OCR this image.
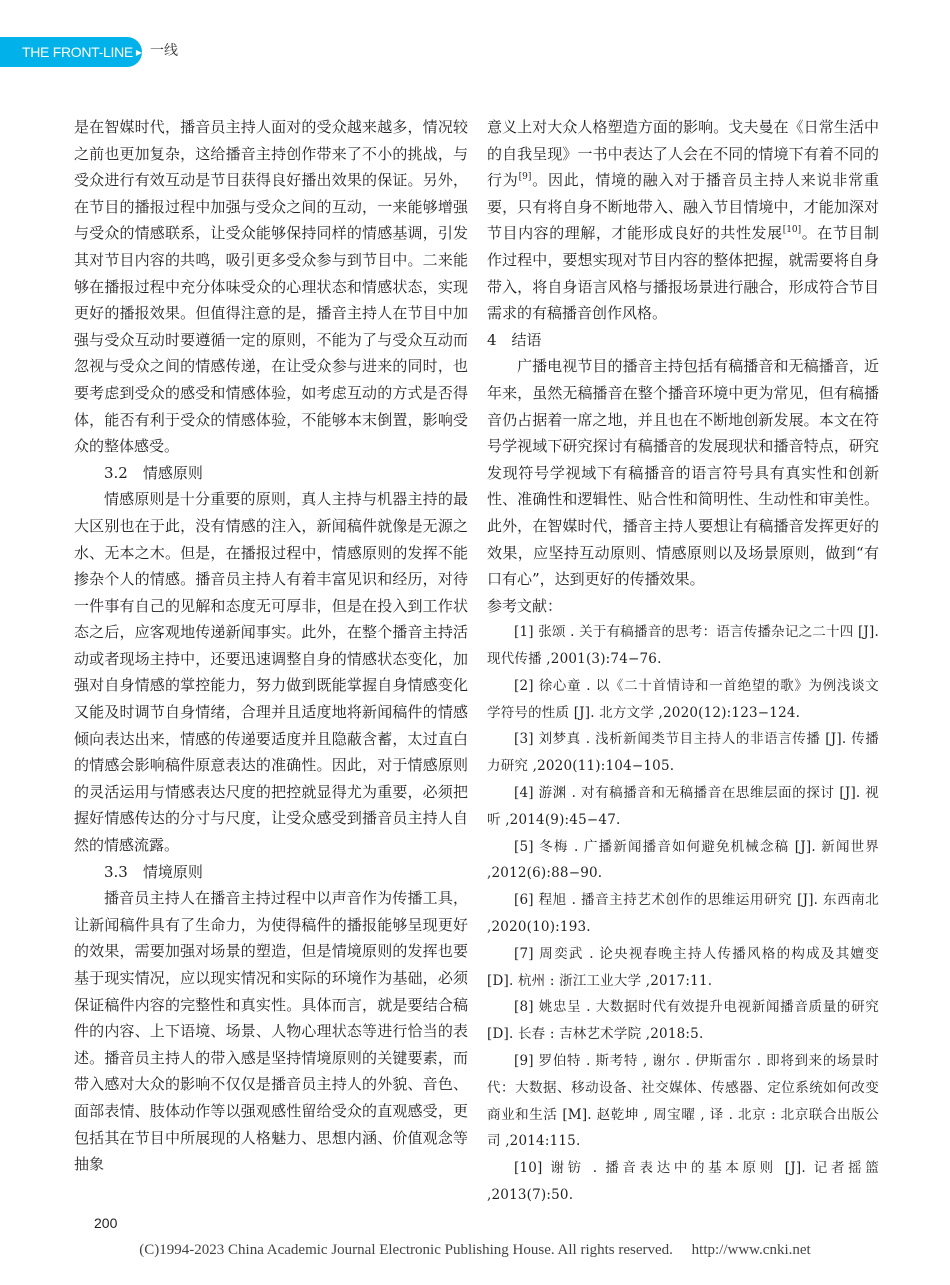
THE FRONT-LINE ▶ 一线

是在智媒时代，播音员主持人面对的受众越来越多，情况较之前也更加复杂，这给播音主持创作带来了不小的挑战，与受众进行有效互动是节目获得良好播出效果的保证。另外，在节目的播报过程中加强与受众之间的互动，一来能够增强与受众的情感联系，让受众能够保持同样的情感基调，引发其对节目内容的共鸣，吸引更多受众参与到节目中。二来能够在播报过程中充分体味受众的心理状态和情感状态，实现更好的播报效果。但值得注意的是，播音主持人在节目中加强与受众互动时要遵循一定的原则，不能为了与受众互动而忽视与受众之间的情感传递，在让受众参与进来的同时，也要考虑到受众的感受和情感体验，如考虑互动的方式是否得体，能否有利于受众的情感体验，不能够本末倒置，影响受众的整体感受。

3.2　情感原则

情感原则是十分重要的原则，真人主持与机器主持的最大区别也在于此，没有情感的注入，新闻稿件就像是无源之水、无本之木。但是，在播报过程中，情感原则的发挥不能掺杂个人的情感。播音员主持人有着丰富见识和经历，对待一件事有自己的见解和态度无可厚非，但是在投入到工作状态之后，应客观地传递新闻事实。此外，在整个播音主持活动或者现场主持中，还要迅速调整自身的情感状态变化，加强对自身情感的掌控能力，努力做到既能掌握自身情感变化又能及时调节自身情绪，合理并且适度地将新闻稿件的情感倾向表达出来，情感的传递要适度并且隐蔽含蓄，太过直白的情感会影响稿件原意表达的准确性。因此，对于情感原则的灵活运用与情感表达尺度的把控就显得尤为重要，必须把握好情感传达的分寸与尺度，让受众感受到播音员主持人自然的情感流露。

3.3　情境原则

播音员主持人在播音主持过程中以声音作为传播工具，让新闻稿件具有了生命力，为使得稿件的播报能够呈现更好的效果，需要加强对场景的塑造，但是情境原则的发挥也要基于现实情况，应以现实情况和实际的环境作为基础，必须保证稿件内容的完整性和真实性。具体而言，就是要结合稿件的内容、上下语境、场景、人物心理状态等进行恰当的表述。播音员主持人的带入感是坚持情境原则的关键要素，而带入感对大众的影响不仅仅是播音员主持人的外貌、音色、面部表情、肢体动作等以强观感性留给受众的直观感受，更包括其在节目中所展现的人格魅力、思想内涵、价值观念等抽象

意义上对大众人格塑造方面的影响。戈夫曼在《日常生活中的自我呈现》一书中表达了人会在不同的情境下有着不同的行为[9]。因此，情境的融入对于播音员主持人来说非常重要，只有将自身不断地带入、融入节目情境中，才能加深对节目内容的理解，才能形成良好的共性发展[10]。在节目制作过程中，要想实现对节目内容的整体把握，就需要将自身带入，将自身语言风格与播报场景进行融合，形成符合节目需求的有稿播音创作风格。

4　结语

广播电视节目的播音主持包括有稿播音和无稿播音，近年来，虽然无稿播音在整个播音环境中更为常见，但有稿播音仍占据着一席之地，并且也在不断地创新发展。本文在符号学视域下研究探讨有稿播音的发展现状和播音特点，研究发现符号学视域下有稿播音的语言符号具有真实性和创新性、准确性和逻辑性、贴合性和简明性、生动性和审美性。此外，在智媒时代，播音主持人要想让有稿播音发挥更好的效果，应坚持互动原则、情感原则以及场景原则，做到“有口有心”，达到更好的传播效果。

参考文献：

[1] 张颂 . 关于有稿播音的思考：语言传播杂记之二十四 [J]. 现代传播 ,2001(3):74−76.

[2] 徐心童 . 以《二十首情诗和一首绝望的歌》为例浅谈文学符号的性质 [J]. 北方文学 ,2020(12):123−124.

[3] 刘梦真 . 浅析新闻类节目主持人的非语言传播 [J]. 传播力研究 ,2020(11):104−105.

[4] 游渊 . 对有稿播音和无稿播音在思维层面的探讨 [J]. 视听 ,2014(9):45−47.

[5] 冬梅 . 广播新闻播音如何避免机械念稿 [J]. 新闻世界 ,2012(6):88−90.

[6] 程旭 . 播音主持艺术创作的思维运用研究 [J]. 东西南北 ,2020(10):193.

[7] 周奕武 . 论央视春晚主持人传播风格的构成及其嬗变 [D]. 杭州 : 浙江工业大学 ,2017:11.

[8] 姚忠呈 . 大数据时代有效提升电视新闻播音质量的研究 [D]. 长春 : 吉林艺术学院 ,2018:5.

[9] 罗伯特 . 斯考特 , 谢尔 . 伊斯雷尔 . 即将到来的场景时代：大数据、移动设备、社交媒体、传感器、定位系统如何改变商业和生活 [M]. 赵乾坤 , 周宝曜 , 译 . 北京 : 北京联合出版公司 ,2014:115.

[10] 谢钫 . 播音表达中的基本原则 [J]. 记者摇篮 ,2013(7):50.

200
(C)1994-2023 China Academic Journal Electronic Publishing House. All rights reserved.　 http://www.cnki.net
